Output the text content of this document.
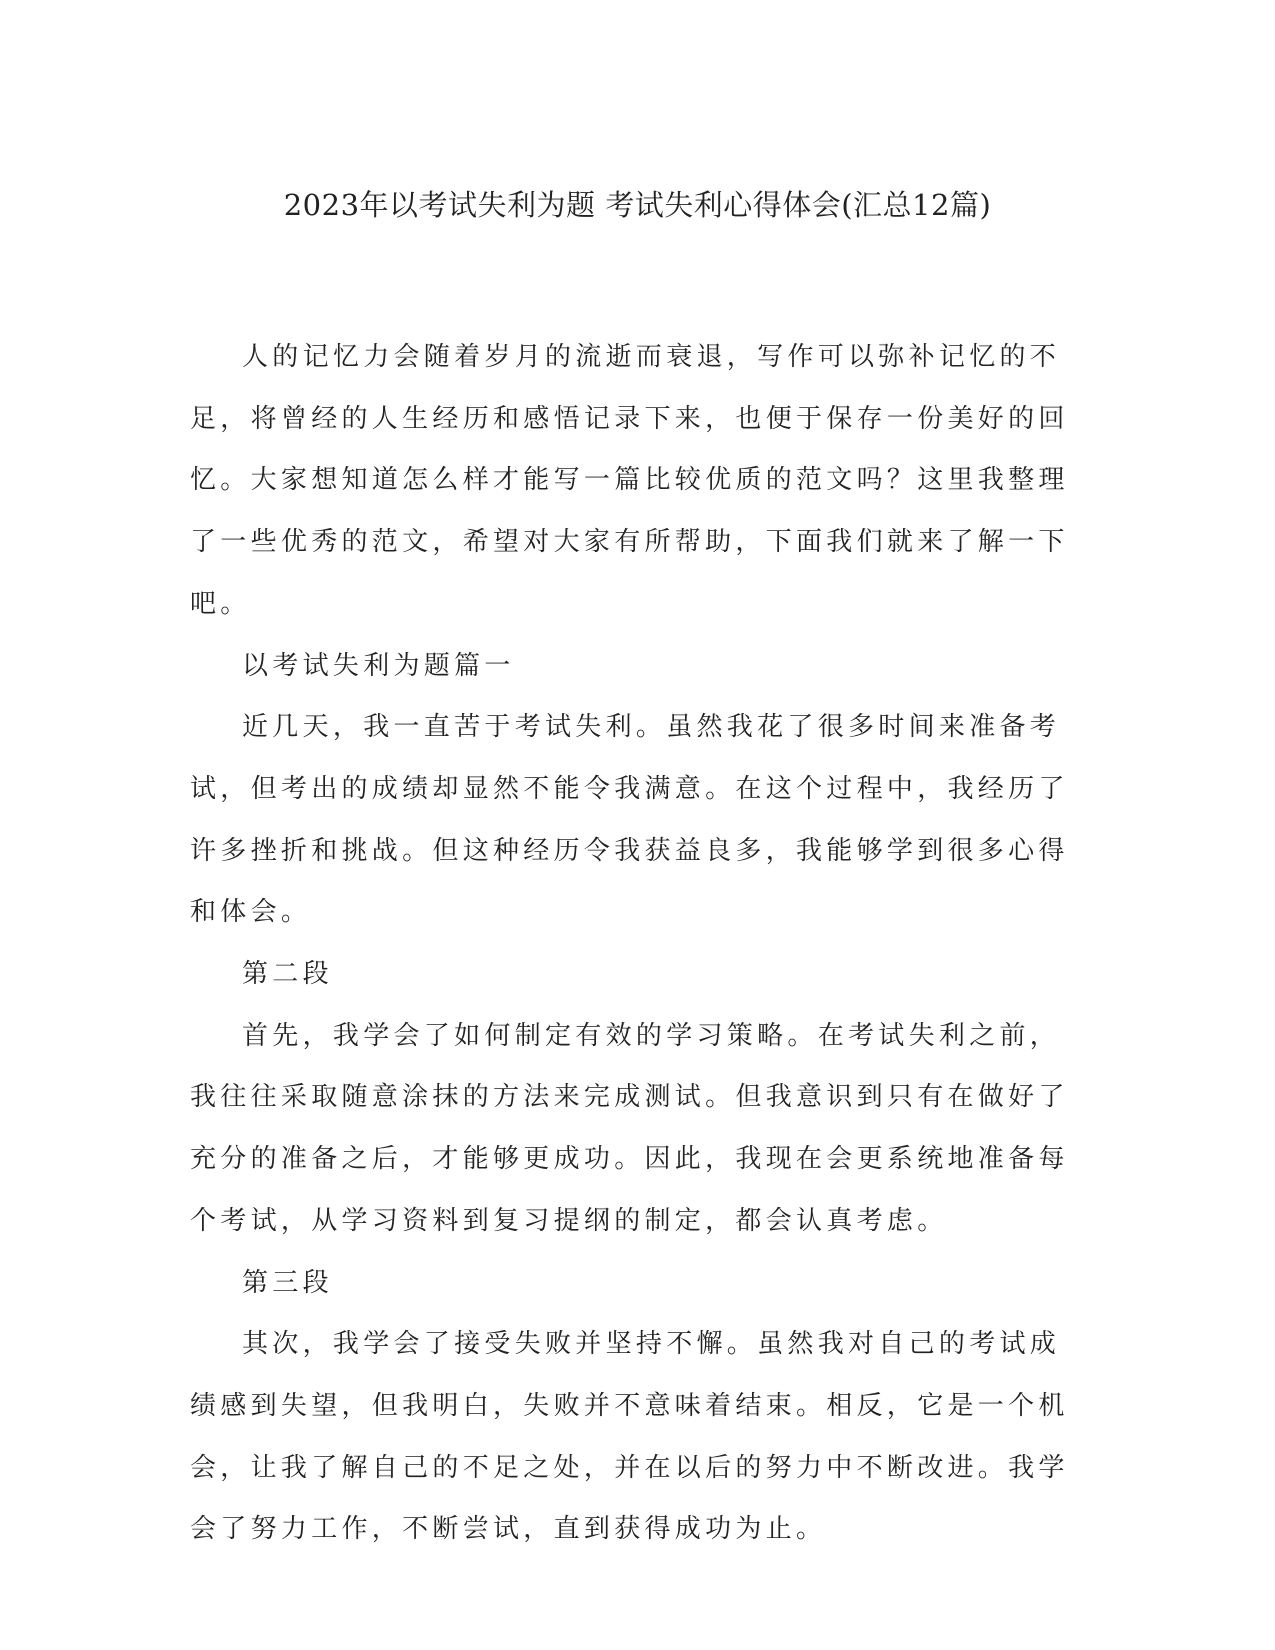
2023年以考试失利为题 考试失利心得体会(汇总12篇)

人的记忆力会随着岁月的流逝而衰退，写作可以弥补记忆的不足，将曾经的人生经历和感悟记录下来，也便于保存一份美好的回忆。大家想知道怎么样才能写一篇比较优质的范文吗？这里我整理了一些优秀的范文，希望对大家有所帮助，下面我们就来了解一下吧。

以考试失利为题篇一

近几天，我一直苦于考试失利。虽然我花了很多时间来准备考试，但考出的成绩却显然不能令我满意。在这个过程中，我经历了许多挫折和挑战。但这种经历令我获益良多，我能够学到很多心得和体会。

第二段

首先，我学会了如何制定有效的学习策略。在考试失利之前，我往往采取随意涂抹的方法来完成测试。但我意识到只有在做好了充分的准备之后，才能够更成功。因此，我现在会更系统地准备每个考试，从学习资料到复习提纲的制定，都会认真考虑。

第三段

其次，我学会了接受失败并坚持不懈。虽然我对自己的考试成绩感到失望，但我明白，失败并不意味着结束。相反，它是一个机会，让我了解自己的不足之处，并在以后的努力中不断改进。我学会了努力工作，不断尝试，直到获得成功为止。
